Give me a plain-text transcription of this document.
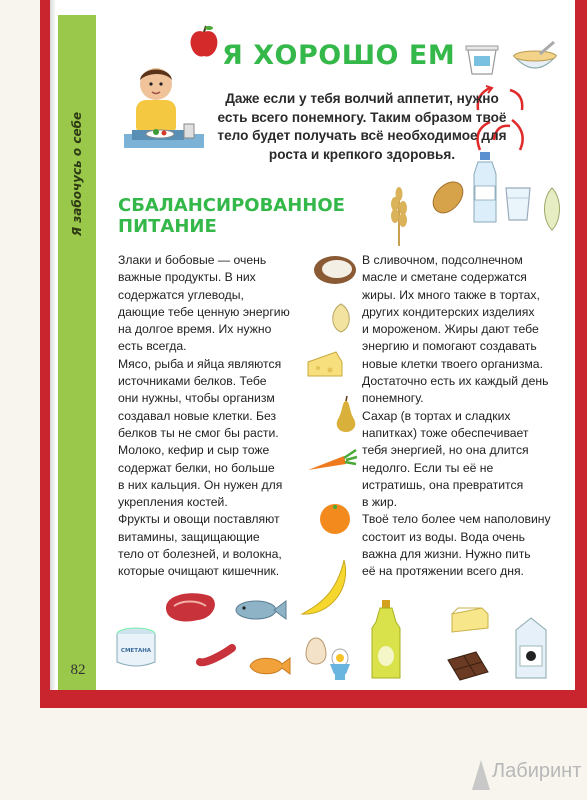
Я забочусь о себе
82
Я ХОРОШО ЕМ
Даже если у тебя волчий аппетит, нужно есть всего понемногу. Таким образом твоё тело будет получать всё необходимое для роста и крепкого здоровья.
СБАЛАНСИРОВАННОЕ
ПИТАНИЕ

Злаки и бобовые — очень

важные продукты. В них

содержатся углеводы,

дающие тебе ценную энергию

на долгое время. Их нужно

есть всегда.

Мясо, рыба и яйца являются

источниками белков. Тебе

они нужны, чтобы организм

создавал новые клетки. Без

белков ты не смог бы расти.

Молоко, кефир и сыр тоже

содержат белки, но больше

в них кальция. Он нужен для

укрепления костей.

Фрукты и овощи поставляют

витамины, защищающие

тело от болезней, и волокна,

которые очищают кишечник.

В сливочном, подсолнечном

масле и сметане содержатся

жиры. Их много также в тортах,

других кондитерских изделиях

и мороженом. Жиры дают тебе

энергию и помогают создавать

новые клетки твоего организма.

Достаточно есть их каждый день

понемногу.

Сахар (в тортах и сладких

напитках) тоже обеспечивает

тебя энергией, но она длится

недолго. Если ты её не

истратишь, она превратится

в жир.

Твоё тело более чем наполовину

состоит из воды. Вода очень

важна для жизни. Нужно пить

её на протяжении всего дня.

СМЕТАНА
Лабиринт
